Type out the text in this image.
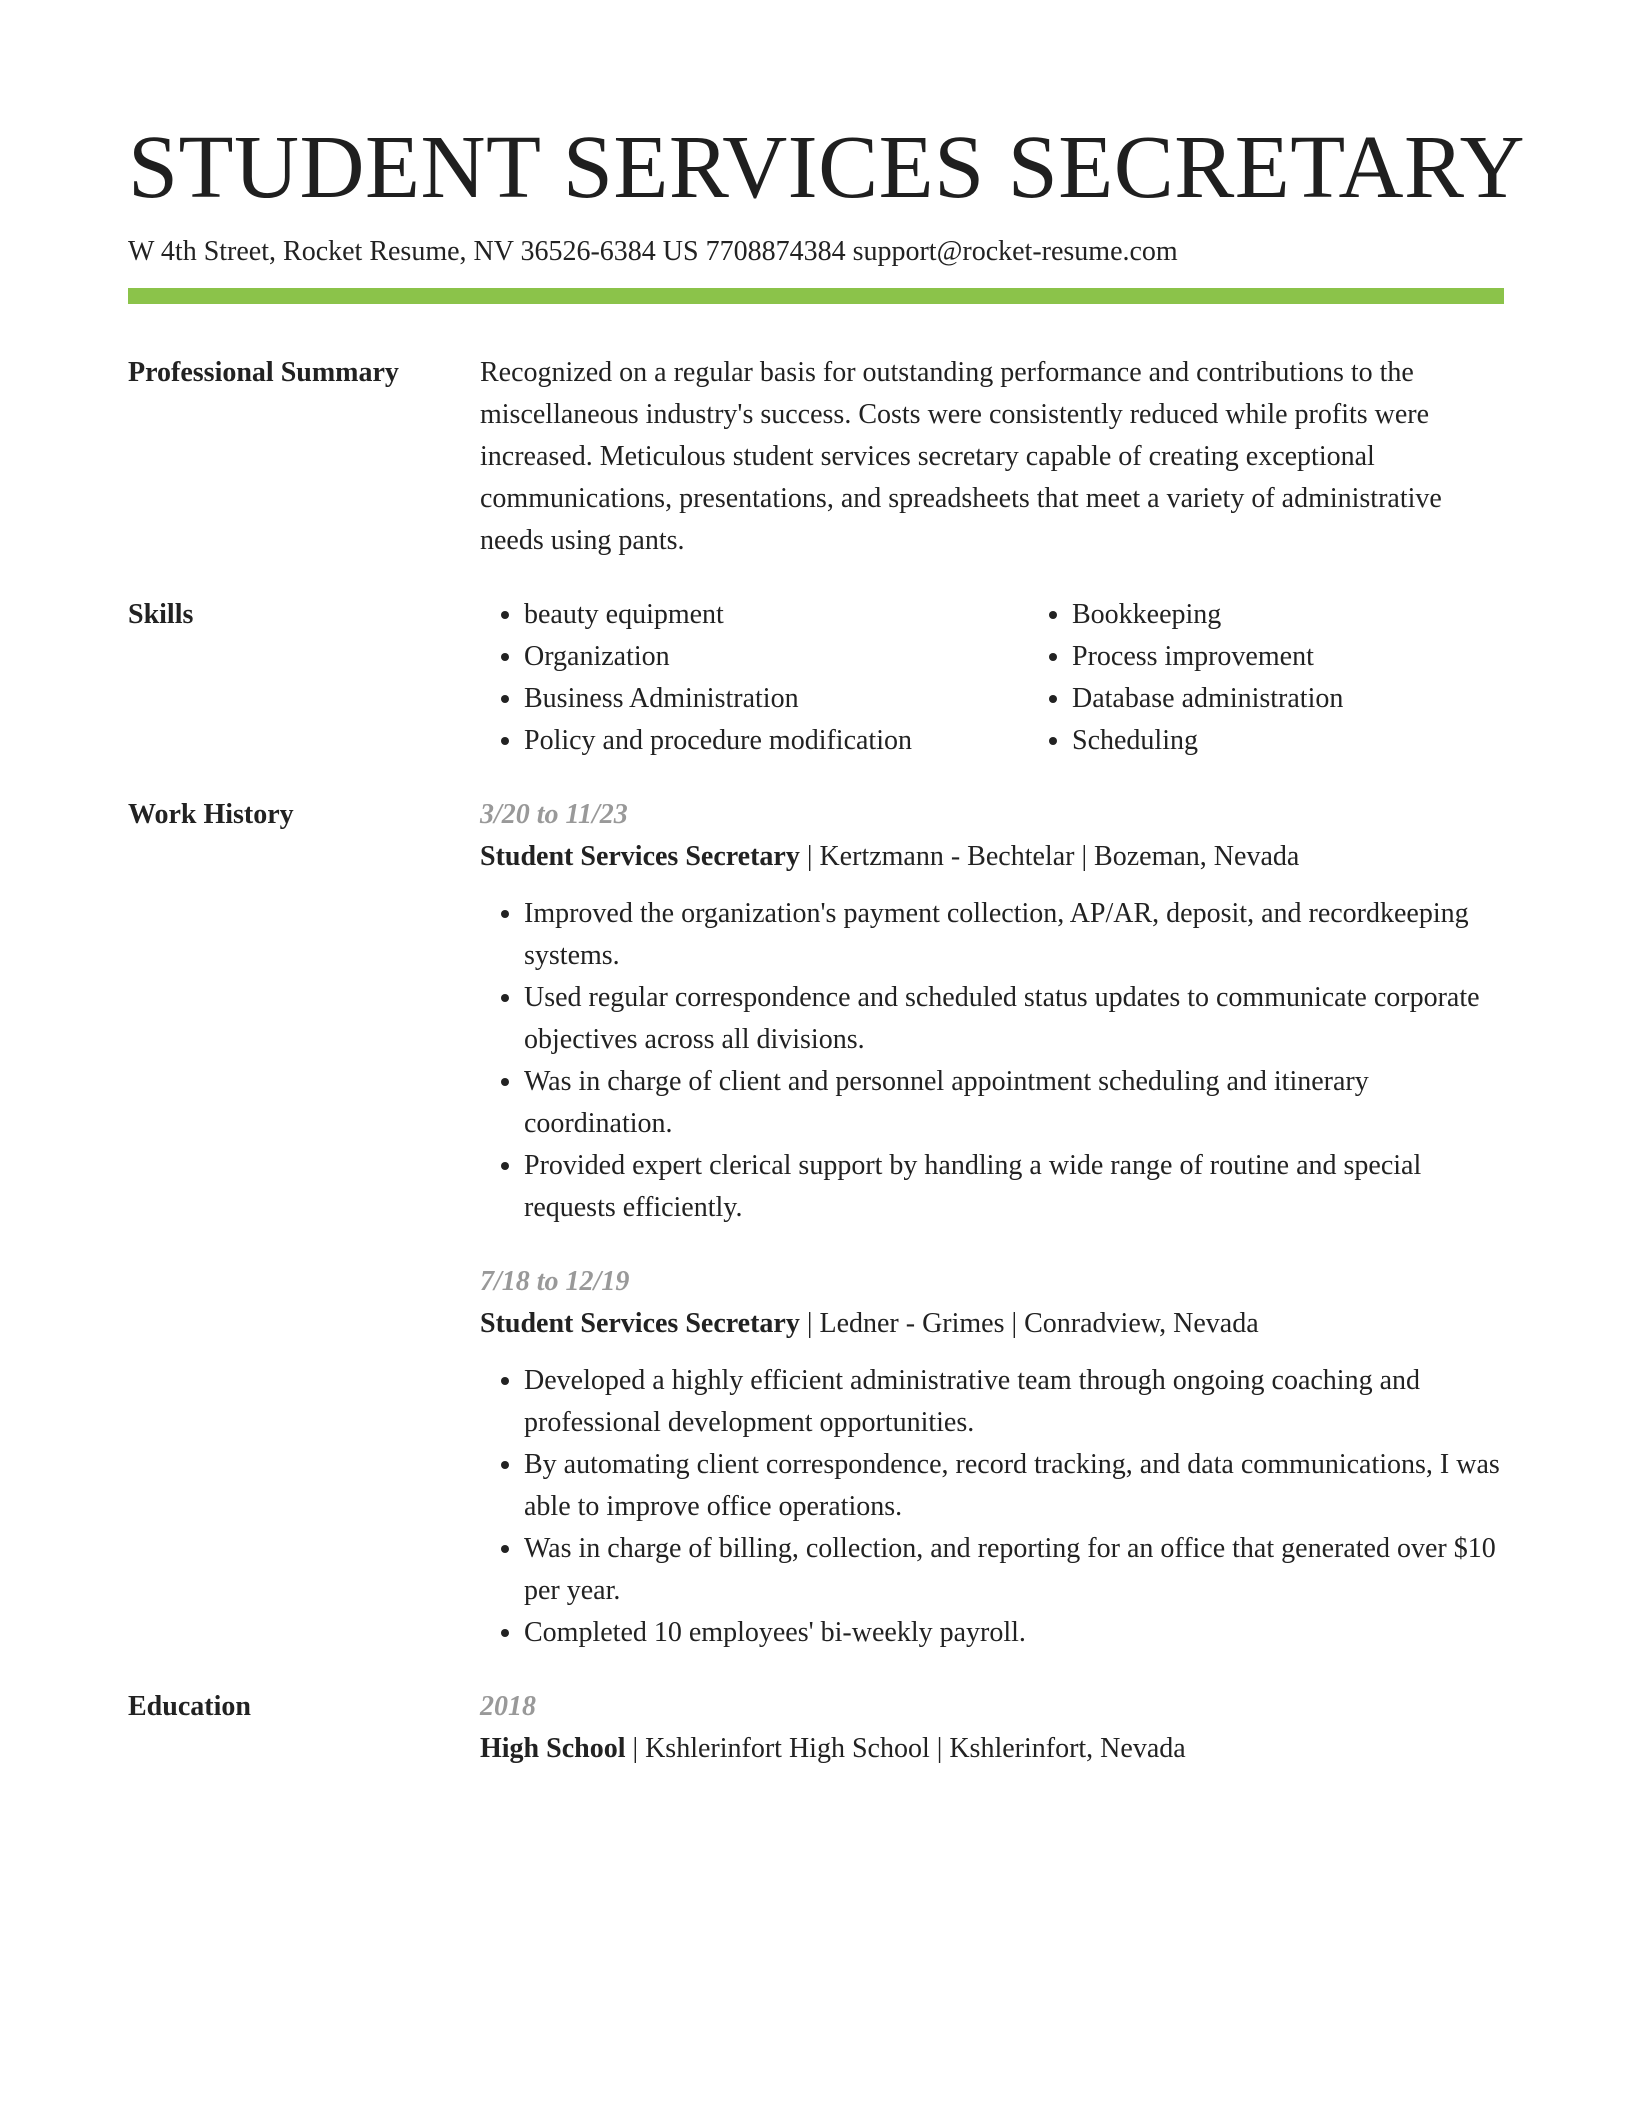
STUDENT SERVICES SECRETARY
W 4th Street, Rocket Resume, NV 36526-6384 US 7708874384 support@rocket-resume.com
Professional Summary	Recognized on a regular basis for outstanding performance and contributions to the miscellaneous industry's success. Costs were consistently reduced while profits were increased. Meticulous student services secretary capable of creating exceptional communications, presentations, and spreadsheets that meet a variety of administrative needs using pants.
Skills
•	beauty equipment
• Organization
• Business Administration
• Policy and procedure modification
• Bookkeeping
• Process improvement
• Database administration
• Scheduling
Work History	3/20 to 11/23
Student Services Secretary | Kertzmann - Bechtelar | Bozeman, Nevada
• Improved the organization's payment collection, AP/AR, deposit, and recordkeeping systems.
• Used regular correspondence and scheduled status updates to communicate corporate objectives across all divisions.
• Was in charge of client and personnel appointment scheduling and itinerary coordination.
• Provided expert clerical support by handling a wide range of routine and special requests efficiently.
7/18 to 12/19
Student Services Secretary | Ledner - Grimes | Conradview, Nevada
• Developed a highly efficient administrative team through ongoing coaching and professional development opportunities.
• By automating client correspondence, record tracking, and data communications, I was able to improve office operations.
• Was in charge of billing, collection, and reporting for an office that generated over $10 per year.
• Completed 10 employees' bi-weekly payroll.
Education	2018
High School | Kshlerinfort High School | Kshlerinfort, Nevada
